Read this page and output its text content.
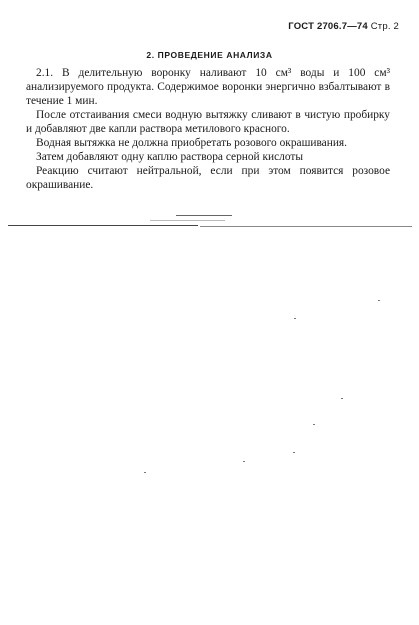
ГОСТ 2706.7—74 Стр. 2
2. ПРОВЕДЕНИЕ АНАЛИЗА

2.1. В делительную воронку наливают 10 см³ воды и 100 см³ анализируемого продукта. Содержимое воронки энергично взбалтывают в течение 1 мин.

После отстаивания смеси водную вытяжку сливают в чистую пробирку и добавляют две капли раствора метилового красного.

Водная вытяжка не должна приобретать розового окрашивания.

Затем добавляют одну каплю раствора серной кислоты

Реакцию считают нейтральной, если при этом появится розовое окрашивание.
